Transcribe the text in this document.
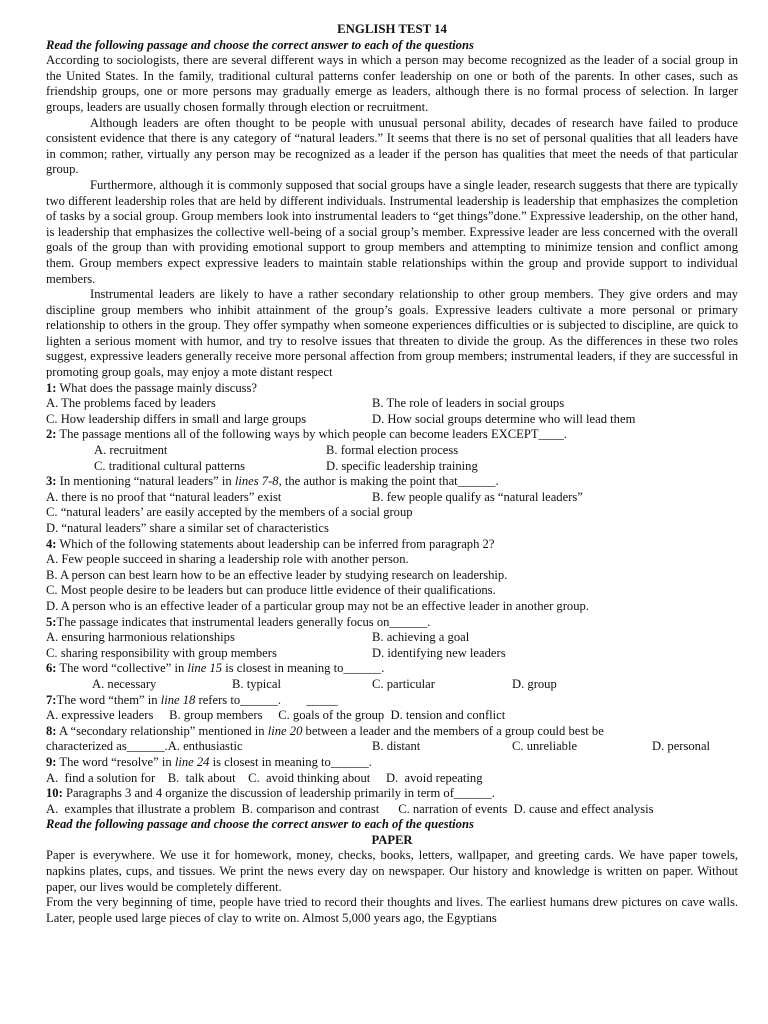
ENGLISH TEST 14
Read the following passage and choose the correct answer to each of the questions

According to sociologists, there are several different ways in which a person may become recognized as the leader of a social group in the United States. In the family, traditional cultural patterns confer leadership on one or both of the parents. In other cases, such as friendship groups, one or more persons may gradually emerge as leaders, although there is no formal process of selection. In larger groups, leaders are usually chosen formally through election or recruitment.

Although leaders are often thought to be people with unusual personal ability, decades of research have failed to produce consistent evidence that there is any category of “natural leaders.” It seems that there is no set of personal qualities that all leaders have in common; rather, virtually any person may be recognized as a leader if the person has qualities that meet the needs of that particular group.

Furthermore, although it is commonly supposed that social groups have a single leader, research suggests that there are typically two different leadership roles that are held by different individuals. Instrumental leadership is leadership that emphasizes the completion of tasks by a social group. Group members look into instrumental leaders to “get things”done.” Expressive leadership, on the other hand, is leadership that emphasizes the collective well-being of a social group’s member. Expressive leader are less concerned with the overall goals of the group than with providing emotional support to group members and attempting to minimize tension and conflict among them. Group members expect expressive leaders to maintain stable relationships within the group and provide support to individual members.

Instrumental leaders are likely to have a rather secondary relationship to other group members. They give orders and may discipline group members who inhibit attainment of the group’s goals. Expressive leaders cultivate a more personal or primary relationship to others in the group. They offer sympathy when someone experiences difficulties or is subjected to discipline, are quick to lighten a serious moment with humor, and try to resolve issues that threaten to divide the group. As the differences in these two roles suggest, expressive leaders generally receive more personal affection from group members; instrumental leaders, if they are successful in promoting group goals, may enjoy a mote distant respect

1: What does the passage mainly discuss?
A. The problems faced by leaders	B. The role of leaders in social groups
C. How leadership differs in small and large groups	D. How social groups determine who will lead them
2: The passage mentions all of the following ways by which people can become leaders EXCEPT____.
A. recruitment	B. formal election process
C. traditional cultural patterns	D. specific leadership training
3: In mentioning “natural leaders” in lines 7-8, the author is making the point that______.
A. there is no proof that “natural leaders” exist	B. few people qualify as “natural leaders”
C. “natural leaders’ are easily accepted by the members of a social group
D. “natural leaders” share a similar set of characteristics
4: Which of the following statements about leadership can be inferred from paragraph 2?
A. Few people succeed in sharing a leadership role with another person.
B. A person can best learn how to be an effective leader by studying research on leadership.
C. Most people desire to be leaders but can produce little evidence of their qualifications.
D. A person who is an effective leader of a particular group may not be an effective leader in another group.
5:The passage indicates that instrumental leaders generally focus on______.
A. ensuring harmonious relationships	B. achieving a goal
C. sharing responsibility with group members	D. identifying new leaders
6: The word “collective” in line 15 is closest in meaning to______.
A. necessary	B. typical	C. particular	D. group
7:The word “them” in line 18 refers to______.        _____
A. expressive leaders     B. group members     C. goals of the group  D. tension and conflict
8: A “secondary relationship” mentioned in line 20 between a leader and the members of a group could best be
characterized as______.A. enthusiastic	B. distant	C. unreliable	D. personal
9: The word “resolve” in line 24 is closest in meaning to______.
A.  find a solution for    B.  talk about    C.  avoid thinking about     D.  avoid repeating
10: Paragraphs 3 and 4 organize the discussion of leadership primarily in term of______.
A.  examples that illustrate a problem  B. comparison and contrast      C. narration of events  D. cause and effect analysis
Read the following passage and choose the correct answer to each of the questions
PAPER

Paper is everywhere. We use it for homework, money, checks, books, letters, wallpaper, and greeting cards. We have paper towels, napkins plates, cups, and tissues. We print the news every day on newspaper. Our history and knowledge is written on paper. Without paper, our lives would be completely different.

From the very beginning of time, people have tried to record their thoughts and lives. The earliest humans drew pictures on cave walls. Later, people used large pieces of clay to write on. Almost 5,000 years ago, the Egyptians
